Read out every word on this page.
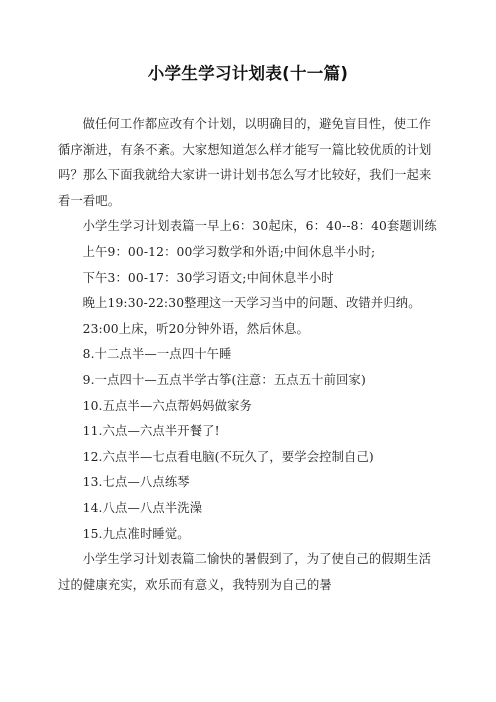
小学生学习计划表(十一篇)

做任何工作都应改有个计划，以明确目的，避免盲目性，使工作循序渐进，有条不紊。大家想知道怎么样才能写一篇比较优质的计划吗？那么下面我就给大家讲一讲计划书怎么写才比较好，我们一起来看一看吧。

小学生学习计划表篇一早上6：30起床，6：40--8：40套题训练

上午9：00-12：00学习数学和外语;中间休息半小时;

下午3：00-17：30学习语文;中间休息半小时

晚上19:30-22:30整理这一天学习当中的问题、改错并归纳。

23:00上床，听20分钟外语，然后休息。

8.十二点半—一点四十午睡

9.一点四十—五点半学古筝(注意：五点五十前回家)

10.五点半—六点帮妈妈做家务

11.六点—六点半开餐了!

12.六点半—七点看电脑(不玩久了，要学会控制自己)

13.七点—八点练琴

14.八点—八点半洗澡

15.九点准时睡觉。

小学生学习计划表篇二愉快的暑假到了，为了使自己的假期生活过的健康充实，欢乐而有意义，我特别为自己的暑
